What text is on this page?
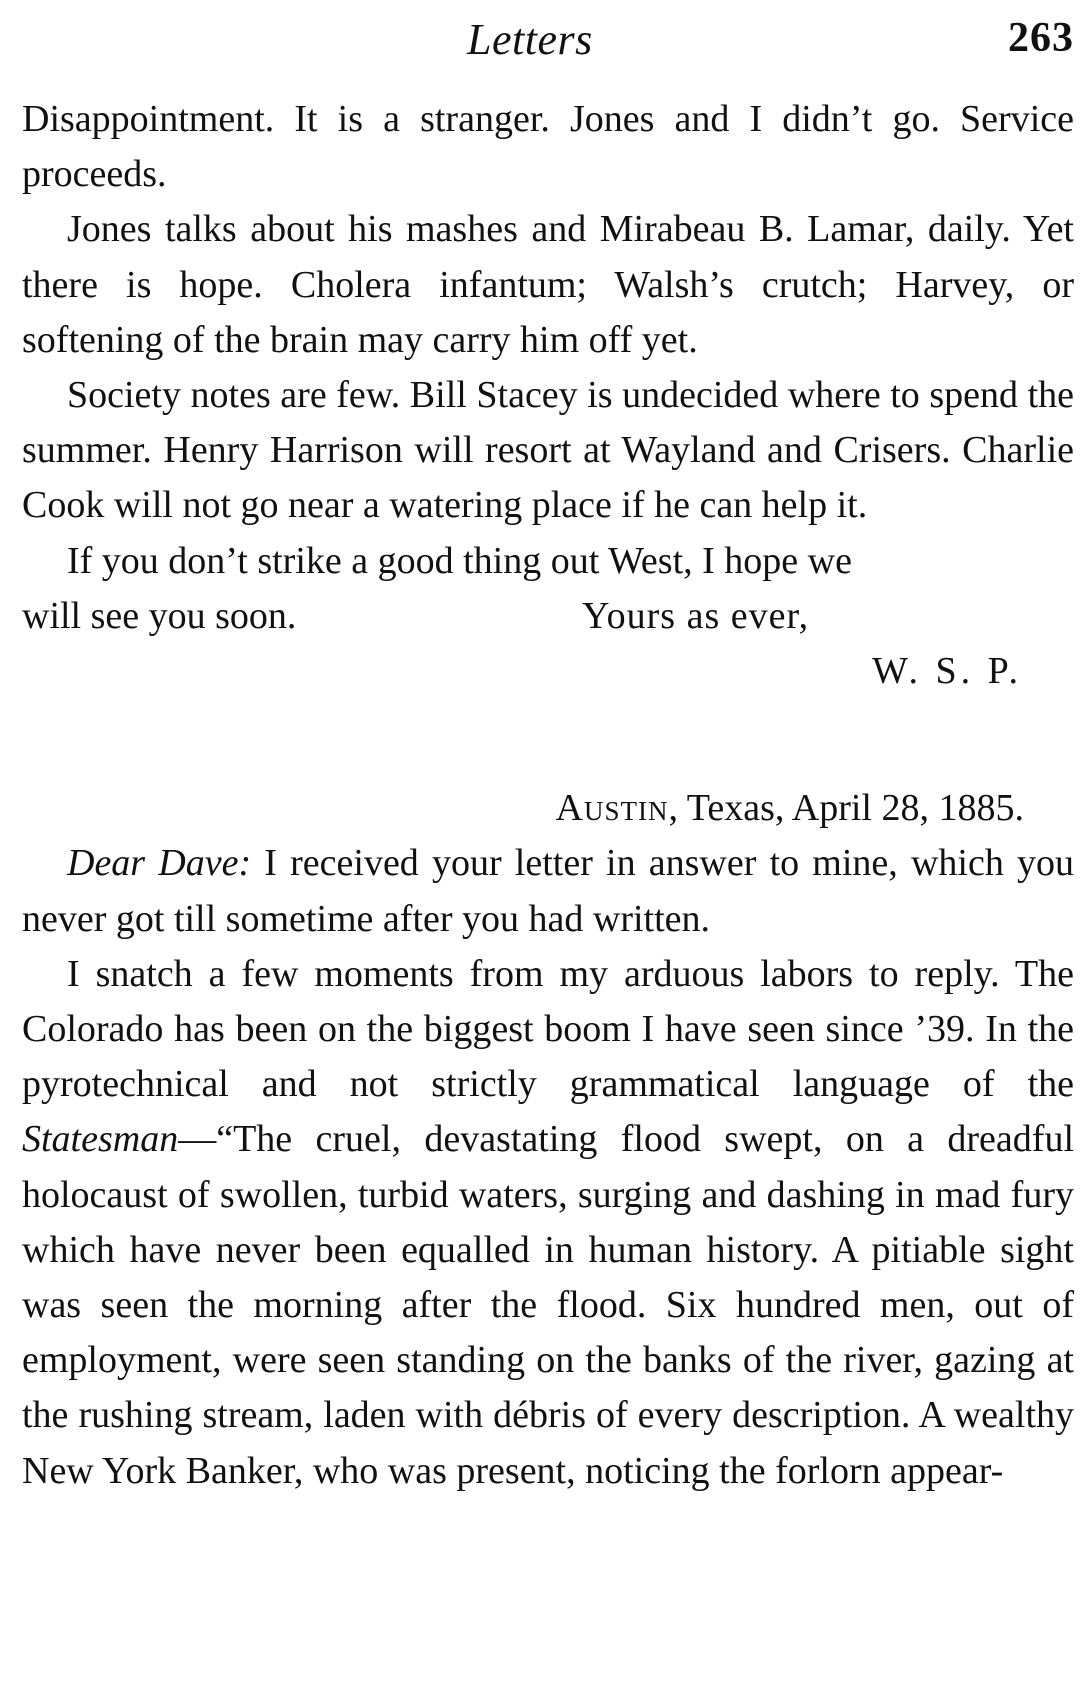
Letters	263

Disappointment. It is a stranger. Jones and I didn’t go. Service proceeds.

Jones talks about his mashes and Mirabeau B. Lamar, daily. Yet there is hope. Cholera infantum; Walsh’s crutch; Harvey, or softening of the brain may carry him off yet.

Society notes are few. Bill Stacey is undecided where to spend the summer. Henry Harrison will resort at Wayland and Crisers. Charlie Cook will not go near a watering place if he can help it.

If you don’t strike a good thing out West, I hope we

will see you soon.	Yours as ever,
W. S. P.
Austin, Texas, April 28, 1885.

Dear Dave: I received your letter in answer to mine, which you never got till sometime after you had written.

I snatch a few moments from my arduous labors to reply. The Colorado has been on the biggest boom I have seen since ’39. In the pyrotechnical and not strictly grammatical language of the Statesman—“The cruel, devastating flood swept, on a dreadful holocaust of swollen, turbid waters, surging and dashing in mad fury which have never been equalled in human history. A pitiable sight was seen the morning after the flood. Six hundred men, out of employment, were seen standing on the banks of the river, gazing at the rushing stream, laden with débris of every description. A wealthy New York Banker, who was present, noticing the forlorn appear-
